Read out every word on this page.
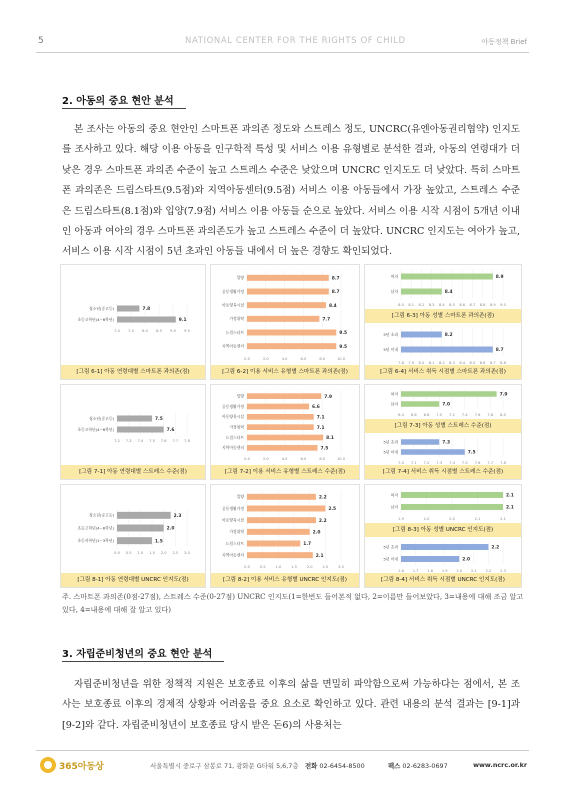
5	NATIONAL CENTER FOR THE RIGHTS OF CHILD	아동정책 Brief
2. 아동의 중요 현안 분석
본 조사는 아동의 중요 현안인 스마트폰 과의존 정도와 스트레스 정도, UNCRC(유엔아동권리협약) 인지도를 조사하고 있다. 해당 이용 아동을 인구학적 특성 및 서비스 이용 유형별로 분석한 결과, 아동의 연령대가 더 낮은 경우 스마트폰 과의존 수준이 높고 스트레스 수준은 낮았으며 UNCRC 인지도도 더 낮았다. 특히 스마트폰 과의존은 드림스타트(9.5점)와 지역아동센터(9.5점) 서비스 이용 아동들에서 가장 높았고, 스트레스 수준은 드림스타트(8.1점)와 입양(7.9점) 서비스 이용 아동들 순으로 높았다. 서비스 이용 시작 시점이 5개년 이내인 아동과 여아의 경우 스마트폰 과의존도가 높고 스트레스 수준이 더 높았다. UNCRC 인지도는 여아가 높고, 서비스 이용 시작 시점이 5년 초과인 아동들 내에서 더 높은 경향도 확인되었다.
7.0 7.5 8.0 8.5 9.0 9.5
청소년(중고등)	7.8
초등고학년(4~6학년)	9.1
[그림 6-1] 아동 연령대별 스마트폰 과의존(점)
0.0	2.0	4.0	6.0	8.0	10.0
입양	8.7
공동생활가정	8.7
아동양육시설	8.4
가정위탁	7.7
드림스타트	9.5
지역아동센터	9.5
[그림 6-2] 이용 서비스 유형별 스마트폰 과의존(점)
8.0 8.1 8.2 8.3 8.4 8.5 8.6 8.7 8.8 8.9 9.0
여자	8.9
남자	8.4
7.8 7.9 8.0 8.1 8.2 8.3 8.4 8.5 8.6 8.7 8.8
5년 초과	8.2
5년 이내	8.7
[그림 6-3] 아동 성별 스마트폰 과의존(점)
[그림 6-4] 서비스 취득 시점별 스마트폰 과의존(점)
7.2 7.3 7.4 7.5 7.6 7.7 7.8
청소년(중고등)	7.5
초등고학년(4~6학년)	7.6
[그림 7-1] 아동 연령대별 스트레스 수준(점)
0.0	2.0	4.0	6.0	8.0	10.0
입양	7.9
공동생활가정	6.6
아동양육시설	7.1
가정위탁	7.1
드림스타트	8.1
지역아동센터	7.5
[그림 7-2] 이용 서비스 유형별 스트레스 수준(점)
6.4 6.6 6.8 7.0 7.2 7.4 7.6 7.8 8.0
여자	7.9
남자	7.0
7.0 7.1 7.2 7.3 7.4 7.5 7.6 7.7 7.8
5년 초과	7.3
5년 이내	7.5
[그림 7-3] 아동 성별 스트레스 수준(점)
[그림 7-4] 서비스 취득 시점별 스트레스 수준(점)
0.0 0.5 1.0 1.5 2.0 2.5 3.0
청소년(중고등)	2.3
초등고학년(4~6학년)	2.0
초등저학년(1~3학년)	1.5
[그림 8-1] 아동 연령대별 UNCRC 인지도(점)
0.0	0.5	1.0	1.5	2.0	2.5	3.0
입양	2.2
공동생활가정	2.5
아동양육시설	2.2
가정위탁	2.0
드림스타트	1.7
지역아동센터	2.1
[그림 8-2] 이용 서비스 유형별 UNCRC 인지도(점)
1.9	2.0	2.0	2.1	2.1
여자	2.1
남자	2.1
1.6 1.7 1.8 1.9 2.0 2.1 2.2 2.3
5년 초과	2.2
5년 이내	2.0
[그림 8-3] 아동 성별 UNCRC 인지도(점)
[그림 8-4] 서비스 취득 시점별 UNCRC 인지도(점)
주. 스마트폰 과의존(0점-27점), 스트레스 수준(0-27점) UNCRC 인지도(1=한번도 들어본적 없다, 2=이름만 들어보았다, 3=내용에 대해 조금 알고 있다, 4=내용에 대해 잘 알고 있다)
3. 자립준비청년의 중요 현안 분석
자립준비청년을 위한 정책적 지원은 보호종료 이후의 삶을 면밀히 파악함으로써 가능하다는 점에서, 본 조사는 보호종료 이후의 경제적 상황과 어려움을 중요 요소로 확인하고 있다. 관련 내용의 분석 결과는 [9-1]과 [9-2]와 같다. 자립준비청년이 보호종료 당시 받은 돈6)의 사용처는
365아동상	서울특별시 중로구 삼봉로 71, 광화문 G타워 5,6,7층 전화 02-6454-8500	팩스 02-6283-0697	www.ncrc.or.kr
